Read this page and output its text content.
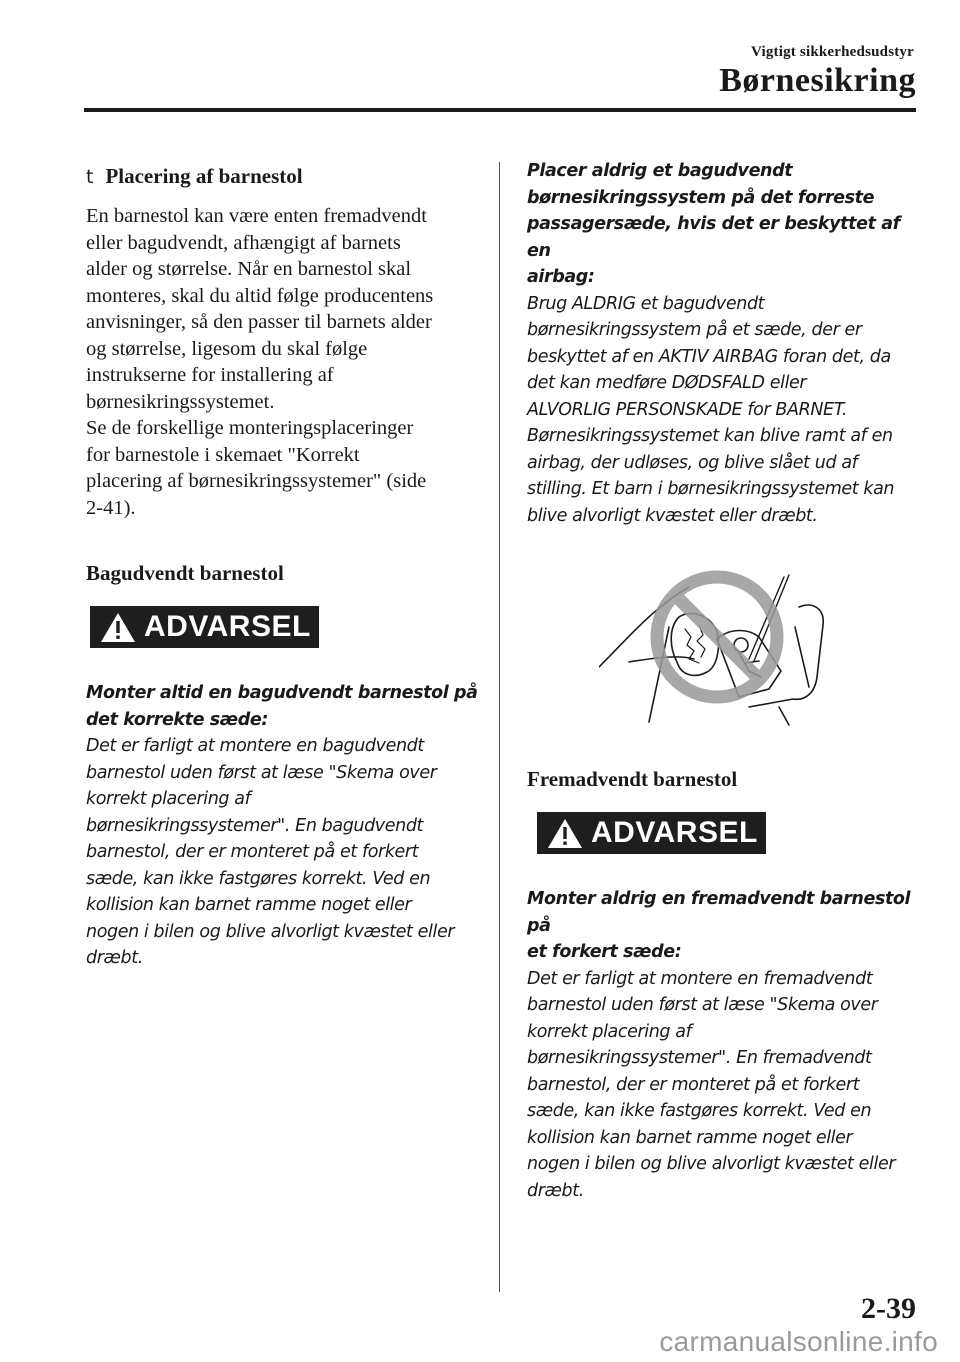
Vigtigt sikkerhedsudstyr
Børnesikring
t Placering af barnestol

En barnestol kan være enten fremadvendt
eller bagudvendt, afhængigt af barnets
alder og størrelse. Når en barnestol skal
monteres, skal du altid følge producentens
anvisninger, så den passer til barnets alder
og størrelse, ligesom du skal følge
instrukserne for installering af
børnesikringssystemet.
Se de forskellige monteringsplaceringer
for barnestole i skemaet "Korrekt
placering af børnesikringssystemer" (side
2-41).

Bagudvendt barnestol
ADVARSEL

Monter altid en bagudvendt barnestol på
det korrekte sæde:

Det er farligt at montere en bagudvendt
barnestol uden først at læse "Skema over
korrekt placering af
børnesikringssystemer". En bagudvendt
barnestol, der er monteret på et forkert
sæde, kan ikke fastgøres korrekt. Ved en
kollision kan barnet ramme noget eller
nogen i bilen og blive alvorligt kvæstet eller
dræbt.

Placer aldrig et bagudvendt
børnesikringssystem på det forreste
passagersæde, hvis det er beskyttet af en
airbag:

Brug ALDRIG et bagudvendt
børnesikringssystem på et sæde, der er
beskyttet af en AKTIV AIRBAG foran det, da
det kan medføre DØDSFALD eller
ALVORLIG PERSONSKADE for BARNET.
Børnesikringssystemet kan blive ramt af en
airbag, der udløses, og blive slået ud af
stilling. Et barn i børnesikringssystemet kan
blive alvorligt kvæstet eller dræbt.

Fremadvendt barnestol
ADVARSEL

Monter aldrig en fremadvendt barnestol på
et forkert sæde:

Det er farligt at montere en fremadvendt
barnestol uden først at læse "Skema over
korrekt placering af
børnesikringssystemer". En fremadvendt
barnestol, der er monteret på et forkert
sæde, kan ikke fastgøres korrekt. Ved en
kollision kan barnet ramme noget eller
nogen i bilen og blive alvorligt kvæstet eller
dræbt.

2-39
carmanualsonline.info
